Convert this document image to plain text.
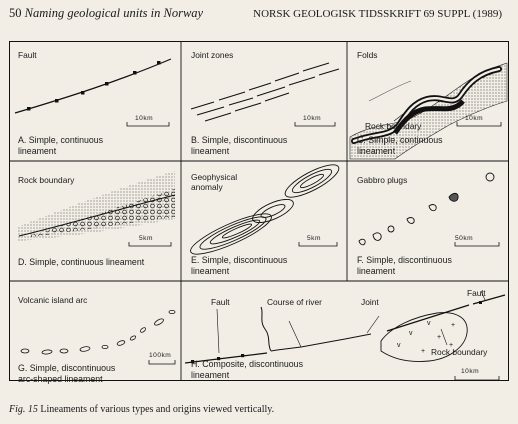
50 Naming geological units in Norway	NORSK GEOLOGISK TIDSSKRIFT 69 SUPPL (1989)
v
v
v
+
+
+
+
Fault
10km
A. Simple, continuous
lineament
Joint zones
10km
B. Simple, discontinuous
lineament
Folds
Rock boundary
10km
C. Simple, continuous
lineament
Rock boundary
5km
D. Simple, continuous lineament
Geophysical
anomaly
5km
E. Simple, discontinuous
lineament
Gabbro plugs
50km
F. Simple, discontinuous
lineament
Volcanic island arc
100km
G. Simple, discontinuous
arc-shaped lineament
Fault	Course of river	Joint
Fault
Rock boundary
H. Composite, discontinuous
lineament	10km
Fig. 15 Lineaments of various types and origins viewed vertically.
